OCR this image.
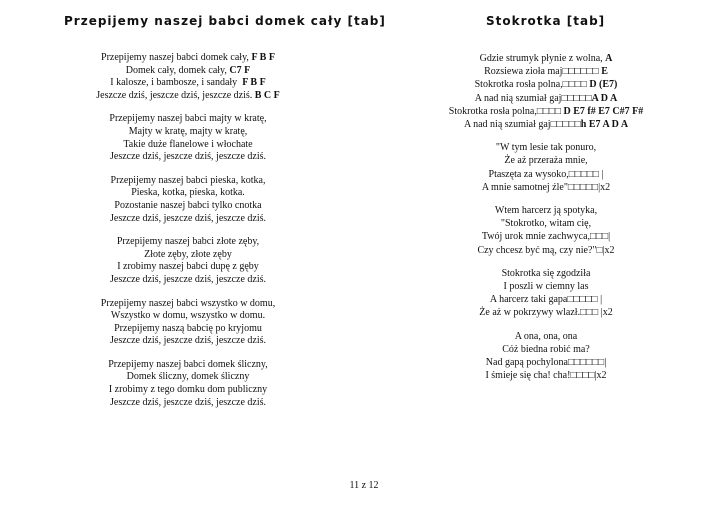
Przepijemy naszej babci domek cały [tab]	Stokrotka [tab]
Przepijemy naszej babci domek cały, F B F
Domek cały, domek cały, C7 F
I kalosze, i bambosze, i sandały  F B F
Jeszcze dziś, jeszcze dziś, jeszcze dziś. B C F
Przepijemy naszej babci majty w kratę,
Majty w kratę, majty w kratę,
Takie duże flanelowe i włochate
Jeszcze dziś, jeszcze dziś, jeszcze dziś.
Przepijemy naszej babci pieska, kotka,
Pieska, kotka, pieska, kotka.
Pozostanie naszej babci tylko cnotka
Jeszcze dziś, jeszcze dziś, jeszcze dziś.
Przepijemy naszej babci złote zęby,
Złote zęby, złote zęby
I zrobimy naszej babci dupę z gęby
Jeszcze dziś, jeszcze dziś, jeszcze dziś.
Przepijemy naszej babci wszystko w domu,
Wszystko w domu, wszystko w domu.
Przepijemy naszą babcię po kryjomu
Jeszcze dziś, jeszcze dziś, jeszcze dziś.
Przepijemy naszej babci domek śliczny,
Domek śliczny, domek śliczny
I zrobimy z tego domku dom publiczny
Jeszcze dziś, jeszcze dziś, jeszcze dziś.
Gdzie strumyk płynie z wolna, A
Rozsiewa zioła maj□□□□□□ E
Stokrotka rosła polna,□□□□ D (E7)
A nad nią szumiał gaj□□□□□A D A
Stokrotka rosła polna,□□□□ D E7 f# E7 C#7 F#
A nad nią szumiał gaj□□□□□h E7 A D A
"W tym lesie tak ponuro,
Że aż przeraża mnie,
Ptaszęta za wysoko,□□□□□ |
A mnie samotnej źle"□□□□□|x2
Wtem harcerz ją spotyka,
"Stokrotko, witam cię,
Twój urok mnie zachwyca,□□□|
Czy chcesz być mą, czy nie?"□|x2
Stokrotka się zgodziła
I poszli w ciemny las
A harcerz taki gapa□□□□□ |
Że aż w pokrzywy wlazł.□□□ |x2
A ona, ona, ona
Cóż biedna robić ma?
Nad gapą pochylona□□□□□□|
I śmieje się cha! cha!□□□□|x2
11 z 12
